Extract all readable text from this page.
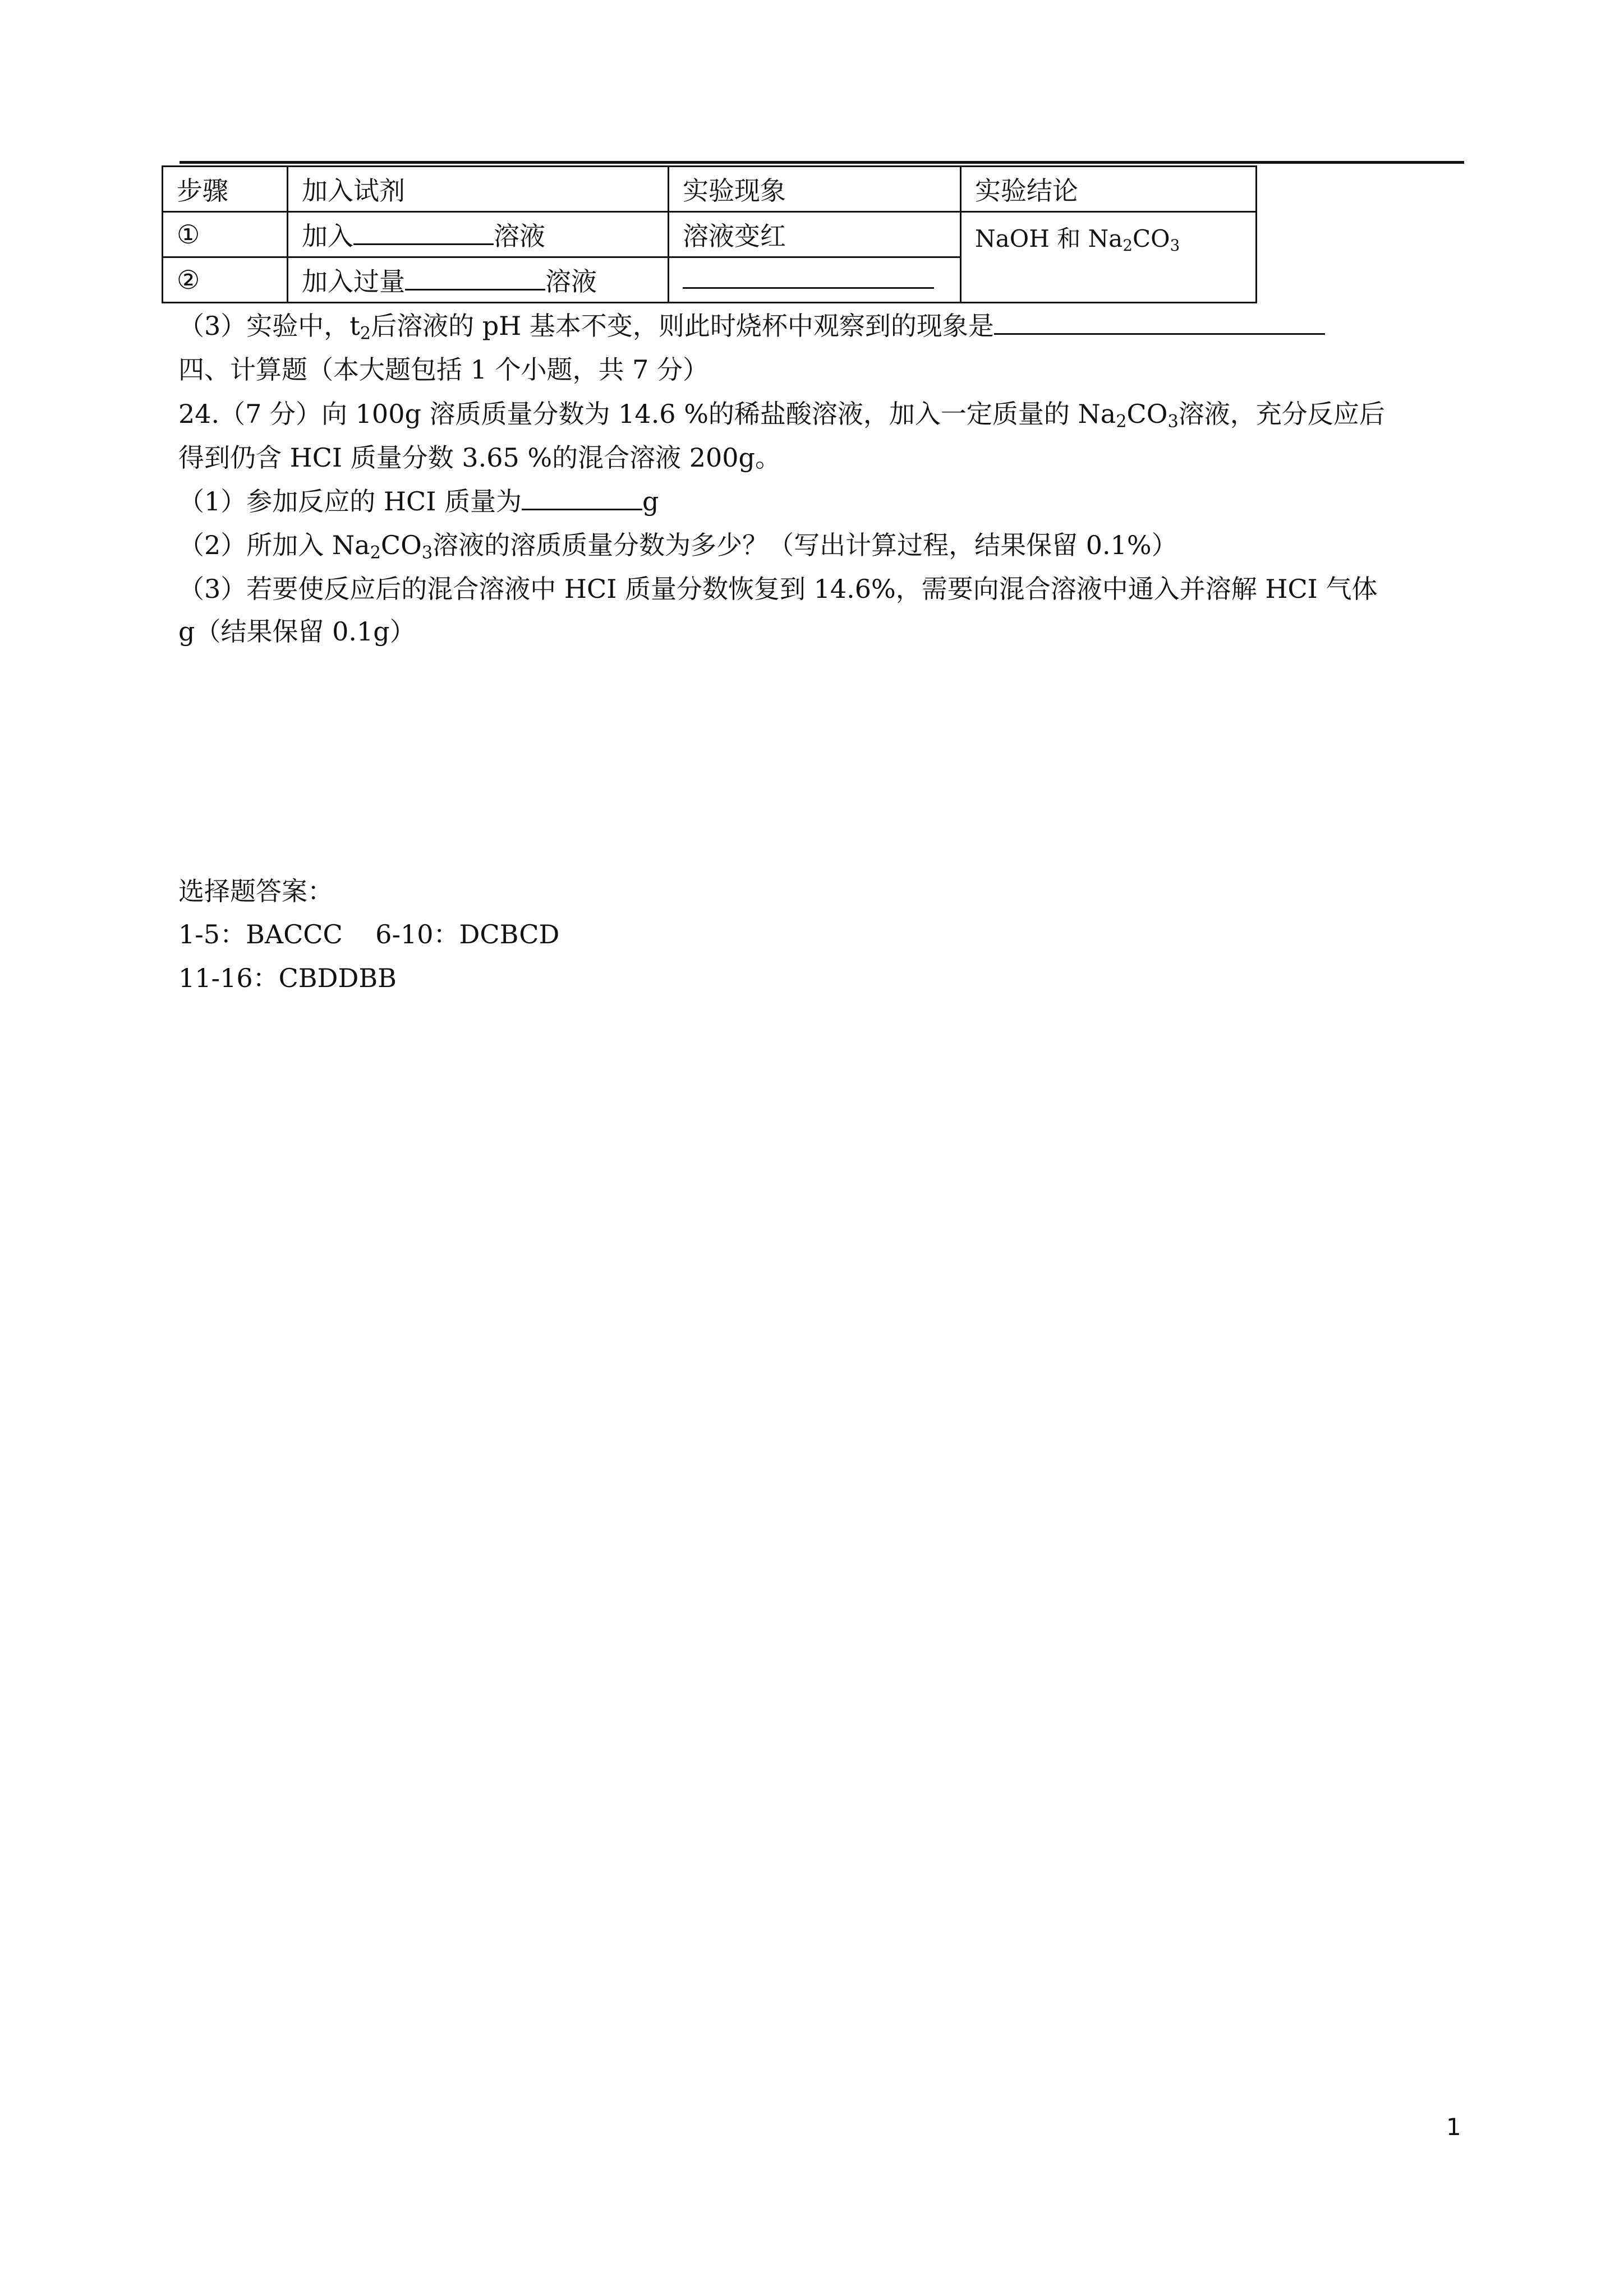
步骤	加入试剂	实验现象	实验结论
①	加入 溶液	溶液变红	NaOH 和 $Na_2CO_3$
②	加入过量 溶液		
（3）实验中，$t_2$后溶液的 pH 基本不变，则此时烧杯中观察到的现象是
四、计算题（本大题包括 1 个小题，共 7 分）
24.（7 分）向 100g 溶质质量分数为 14.6 %的稀盐酸溶液，加入一定质量的 $Na_2CO_3$溶液，充分反应后
得到仍含 HCI 质量分数 3.65 %的混合溶液 200g。
（1）参加反应的 HCI 质量为	g
（2）所加入 $Na_2CO_3$溶液的溶质质量分数为多少？（写出计算过程，结果保留 0.1%）
（3）若要使反应后的混合溶液中 HCI 质量分数恢复到 14.6%，需要向混合溶液中通入并溶解 HCI 气体
g（结果保留 0.1g）
选择题答案：
1-5：BACCC    6-10：DCBCD
11-16：CBDDBB
1
